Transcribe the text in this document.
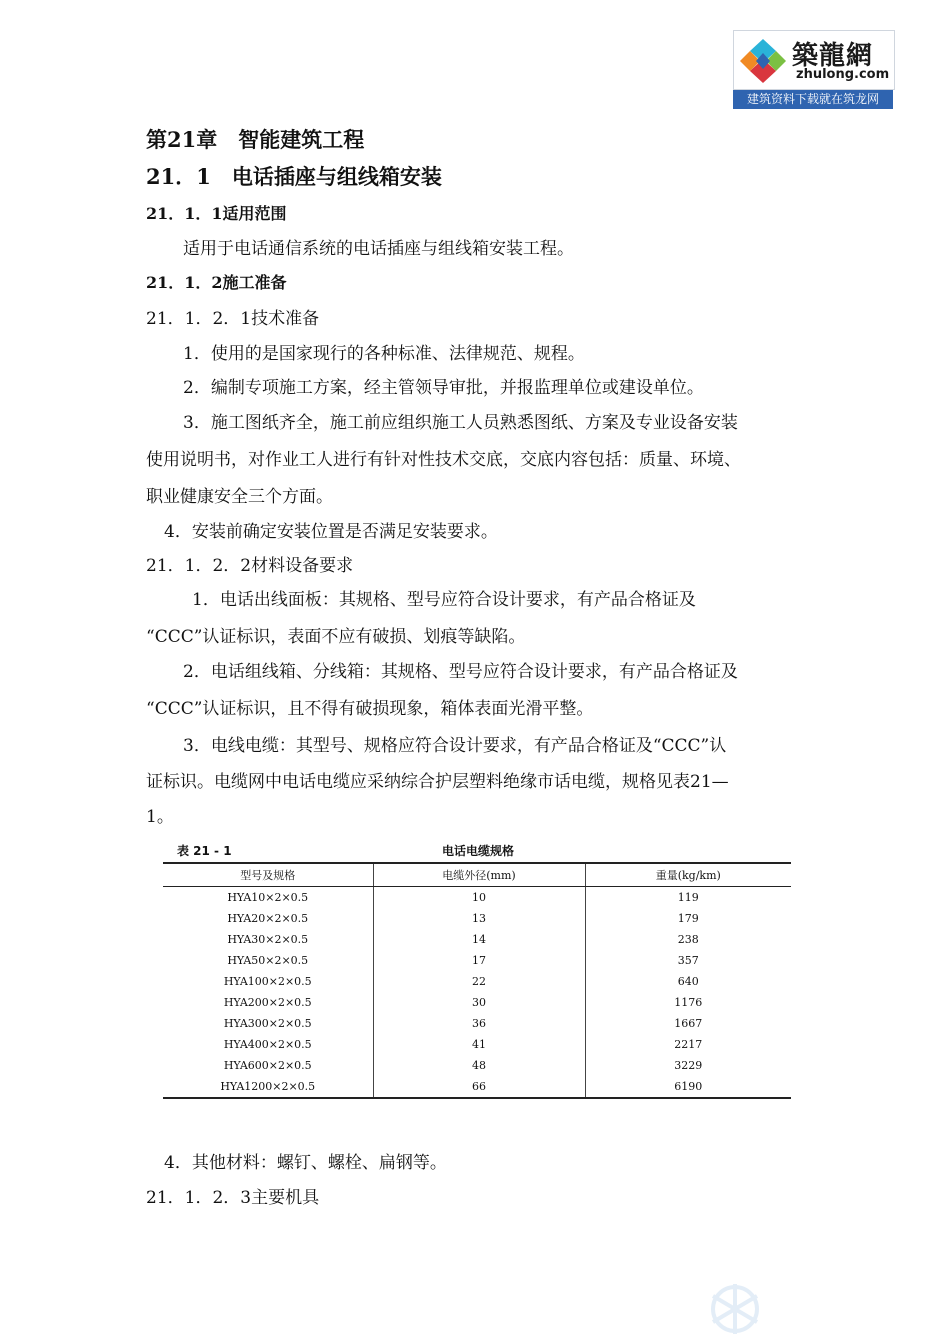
築龍網
zhulong.com
建筑资料下载就在筑龙网
第21章　智能建筑工程
21．1　电话插座与组线箱安装
21．1．1适用范围
适用于电话通信系统的电话插座与组线箱安装工程。
21．1．2施工准备
21．1．2．1技术准备
1．使用的是国家现行的各种标准、法律规范、规程。
2．编制专项施工方案，经主管领导审批，并报监理单位或建设单位。
3．施工图纸齐全，施工前应组织施工人员熟悉图纸、方案及专业设备安装
使用说明书，对作业工人进行有针对性技术交底，交底内容包括：质量、环境、
职业健康安全三个方面。
4．安装前确定安装位置是否满足安装要求。
21．1．2．2材料设备要求
1．电话出线面板：其规格、型号应符合设计要求，有产品合格证及
“CCC”认证标识，表面不应有破损、划痕等缺陷。
2．电话组线箱、分线箱：其规格、型号应符合设计要求，有产品合格证及
“CCC”认证标识，且不得有破损现象，箱体表面光滑平整。
3．电线电缆：其型号、规格应符合设计要求，有产品合格证及“CCC”认
证标识。电缆网中电话电缆应采纳综合护层塑料绝缘市话电缆，规格见表21—
1。
表 21 - 1	电话电缆规格
型号及规格	电缆外径(mm)	重量(kg/km)
HYA10×2×0.5	10	119
HYA20×2×0.5	13	179
HYA30×2×0.5	14	238
HYA50×2×0.5	17	357
HYA100×2×0.5	22	640
HYA200×2×0.5	30	1176
HYA300×2×0.5	36	1667
HYA400×2×0.5	41	2217
HYA600×2×0.5	48	3229
HYA1200×2×0.5	66	6190
4．其他材料：螺钉、螺栓、扁钢等。
21．1．2．3主要机具
